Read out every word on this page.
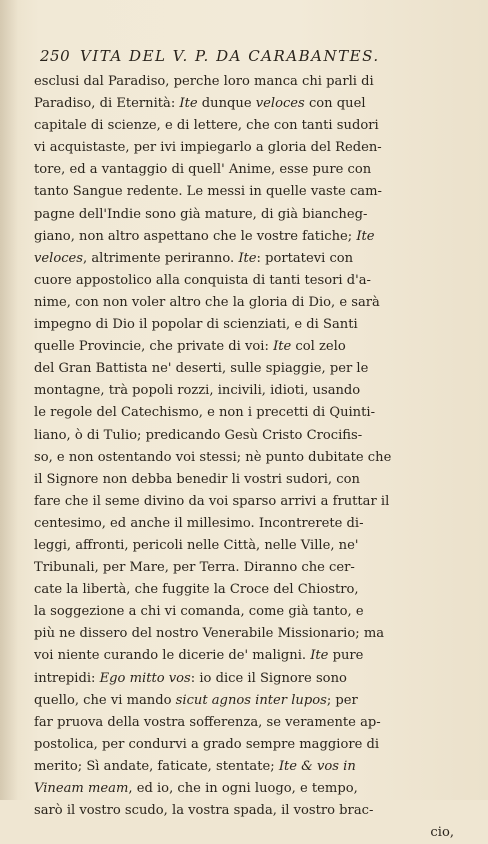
250 VITA DEL V. P. DA CARABANTES.
esclusi dal Paradiso, perche loro manca chi parli di
Paradiso, di Eternità: Ite dunque veloces con quel
capitale di scienze, e di lettere, che con tanti sudori
vi acquistaste, per ivi impiegarlo a gloria del Reden-
tore, ed a vantaggio di quell' Anime, esse pure con
tanto Sangue redente. Le messi in quelle vaste cam-
pagne dell'Indie sono già mature, di già biancheg-
giano, non altro aspettano che le vostre fatiche; Ite
veloces, altrimente periranno. Ite: portatevi con
cuore appostolico alla conquista di tanti tesori d'a-
nime, con non voler altro che la gloria di Dio, e sarà
impegno di Dio il popolar di scienziati, e di Santi
quelle Provincie, che private di voi: Ite col zelo
del Gran Battista ne' deserti, sulle spiaggie, per le
montagne, trà popoli rozzi, incivili, idioti, usando
le regole del Catechismo, e non i precetti di Quinti-
liano, ò di Tulio; predicando Gesù Cristo Crocifis-
so, e non ostentando voi stessi; nè punto dubitate che
il Signore non debba benedir li vostri sudori, con
fare che il seme divino da voi sparso arrivi a fruttar il
centesimo, ed anche il millesimo. Incontrerete di-
leggi, affronti, pericoli nelle Città, nelle Ville, ne'
Tribunali, per Mare, per Terra. Diranno che cer-
cate la libertà, che fuggite la Croce del Chiostro,
la soggezione a chi vi comanda, come già tanto, e
più ne dissero del nostro Venerabile Missionario; ma
voi niente curando le dicerie de' maligni. Ite pure
intrepidi: Ego mitto vos: io dice il Signore sono
quello, che vi mando sicut agnos inter lupos; per
far pruova della vostra sofferenza, se veramente ap-
postolica, per condurvi a grado sempre maggiore di
merito; Sì andate, faticate, stentate; Ite & vos in
Vineam meam, ed io, che in ogni luogo, e tempo,
sarò il vostro scudo, la vostra spada, il vostro brac-
cio,
